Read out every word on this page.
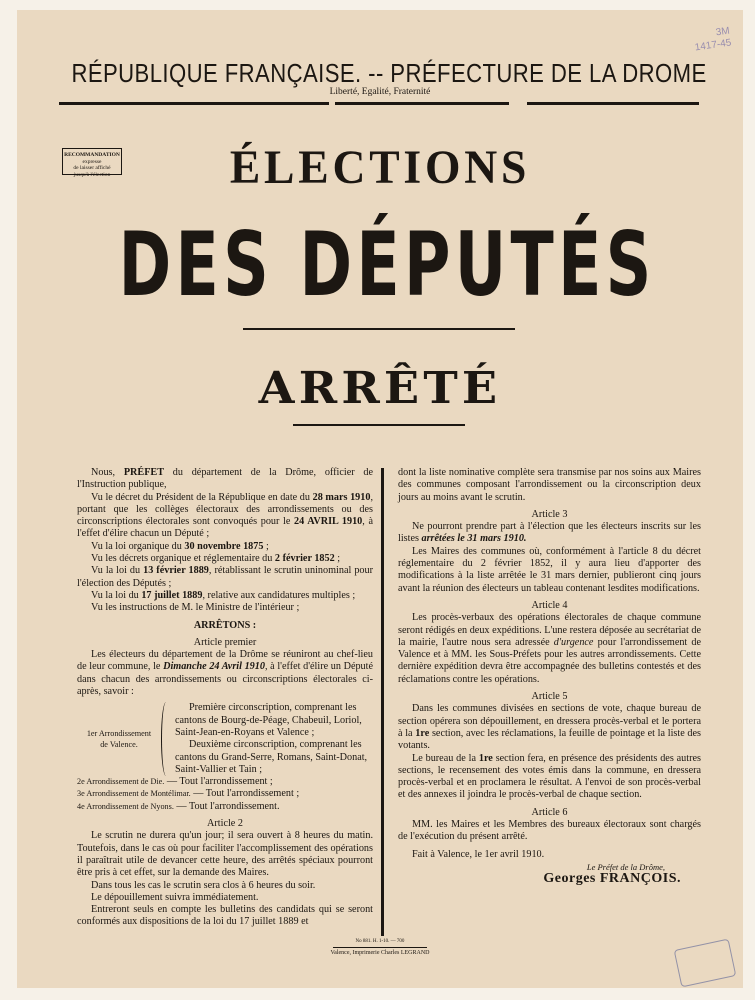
3M
1417-45
RÉPUBLIQUE FRANÇAISE. -- PRÉFECTURE DE LA DROME
Liberté, Egalité, Fraternité
RECOMMANDATION
expresse
de laisser affiché
jusqu'à l'élection	ÉLECTIONS
DES DÉPUTÉS
ARRÊTÉ

Nous, PRÉFET du département de la Drôme, officier de l'Instruction publique,

Vu le décret du Président de la République en date du 28 mars 1910, portant que les collèges électoraux des arrondissements ou des circonscriptions électorales sont convoqués pour le 24 AVRIL 1910, à l'effet d'élire chacun un Député ;

Vu la loi organique du 30 novembre 1875 ;

Vu les décrets organique et réglementaire du 2 février 1852 ;

Vu la loi du 13 février 1889, rétablissant le scrutin uninominal pour l'élection des Députés ;

Vu la loi du 17 juillet 1889, relative aux candidatures multiples ;

Vu les instructions de M. le Ministre de l'intérieur ;

ARRÊTONS :

Article premier

Les électeurs du département de la Drôme se réuniront au chef-lieu de leur commune, le Dimanche 24 Avril 1910, à l'effet d'élire un Député dans chacun des arrondissements ou circonscriptions électorales ci-après, savoir :

1er Arrondissement
de Valence.

Première circonscription, comprenant les cantons de Bourg-de-Péage, Chabeuil, Loriol, Saint-Jean-en-Royans et Valence ;

Deuxième circonscription, comprenant les cantons du Grand-Serre, Romans, Saint-Donat, Saint-Vallier et Tain ;

2e Arrondissement de Die. — Tout l'arrondissement ;

3e Arrondissement de Montélimar. — Tout l'arrondissement ;

4e Arrondissement de Nyons. — Tout l'arrondissement.

Article 2

Le scrutin ne durera qu'un jour; il sera ouvert à 8 heures du matin. Toutefois, dans le cas où pour faciliter l'accomplissement des opérations il paraîtrait utile de devancer cette heure, des arrêtés spéciaux pourront être pris à cet effet, sur la demande des Maires.

Dans tous les cas le scrutin sera clos à 6 heures du soir.

Le dépouillement suivra immédiatement.

Entreront seuls en compte les bulletins des candidats qui se seront conformés aux dispositions de la loi du 17 juillet 1889 et

dont la liste nominative complète sera transmise par nos soins aux Maires des communes composant l'arrondissement ou la circonscription deux jours au moins avant le scrutin.

Article 3

Ne pourront prendre part à l'élection que les électeurs inscrits sur les listes arrêtées le 31 mars 1910.

Les Maires des communes où, conformément à l'article 8 du décret réglementaire du 2 février 1852, il y aura lieu d'apporter des modifications à la liste arrêtée le 31 mars dernier, publieront cinq jours avant la réunion des électeurs un tableau contenant lesdites modifications.

Article 4

Les procès-verbaux des opérations électorales de chaque commune seront rédigés en deux expéditions. L'une restera déposée au secrétariat de la mairie, l'autre nous sera adressée d'urgence pour l'arrondissement de Valence et à MM. les Sous-Préfets pour les autres arrondissements. Cette dernière expédition devra être accompagnée des bulletins contestés et des réclamations contre les opérations.

Article 5

Dans les communes divisées en sections de vote, chaque bureau de section opérera son dépouillement, en dressera procès-verbal et le portera à la 1re section, avec les réclamations, la feuille de pointage et la liste des votants.

Le bureau de la 1re section fera, en présence des présidents des autres sections, le recensement des votes émis dans la commune, en dressera procès-verbal et en proclamera le résultat. A l'envoi de son procès-verbal et des annexes il joindra le procès-verbal de chaque section.

Article 6

MM. les Maires et les Membres des bureaux électoraux sont chargés de l'exécution du présent arrêté.

Fait à Valence, le 1er avril 1910.

Le Préfet de la Drôme,

Georges FRANÇOIS.

No 881. H. 1-10. — 700
Valence, Imprimerie Charles LEGRAND
